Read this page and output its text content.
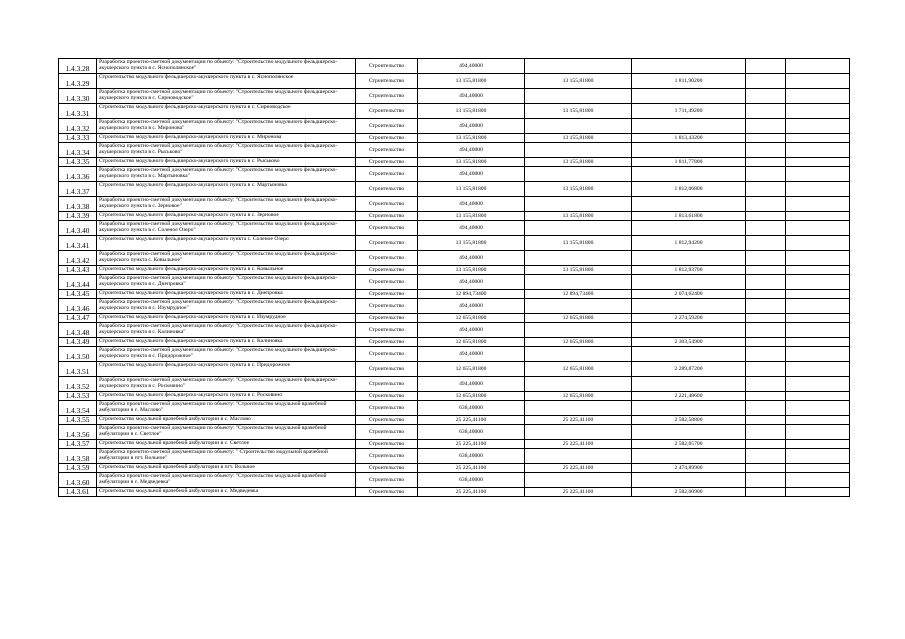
1.4.3.28	Разработка проектно-сметной документации по объекту: "Строительство модульного фельдшерско-акушерского пункта в с. Яснополянское"	Строительство	494,40000				
1.4.3.29	Строительство модульного фельдшерско-акушерского пункта в с. Яснополянское	Строительство	13 155,81800	13 155,81800	1 811,90200		
1.4.3.30	Разработка проектно-сметной документации по объекту: "Строительство модульного фельдшерско-акушерского пункта в с. Сирноводское"	Строительство	494,40000				
1.4.3.31	Строительство модульного фельдшерско-акушерского пункта в с. Сирноводское	Строительство	13 155,81800	13 155,81800	1 711,49200		
1.4.3.32	Разработка проектно-сметной документации по объекту: "Строительство модульного фельдшерско-акушерского пункта в с. Миронова"	Строительство	494,40000				
1.4.3.33	Строительство модульного фельдшерско-акушерского пункта в с. Миронова	Строительство	13 155,81800	13 155,81800	1 813,43200		
1.4.3.34	Разработка проектно-сметной документации по объекту: "Строительство модульного фельдшерско-акушерского пункта в с. Рыськово"	Строительство	494,40000				
1.4.3.35	Строительство модульного фельдшерско-акушерского пункта в с. Рыськово	Строительство	13 155,81800	13 155,81800	1 811,77800		
1.4.3.36	Разработка проектно-сметной документации по объекту: "Строительство модульного фельдшерско-акушерского пункта в с. Мартыновка"	Строительство	494,40000				
1.4.3.37	Строительство модульного фельдшерско-акушерского пункта в с. Мартыновка	Строительство	13 155,81800	13 155,81800	1 812,06800		
1.4.3.38	Разработка проектно-сметной документации по объекту: "Строительство модульного фельдшерско-акушерского пункта в с. Зерновое"	Строительство	494,40000				
1.4.3.39	Строительство модульного фельдшерско-акушерского пункта в с. Зерновое	Строительство	13 155,81800	13 155,81800	1 813,61800		
1.4.3.40	Разработка проектно-сметной документации по объекту: "Строительство модульного фельдшерско-акушерского пункта в с. Соленое Озеро"	Строительство	494,40000				
1.4.3.41	Строительство модульного фельдшерско-акушерского пункта с. Соленое Озеро	Строительство	13 155,81800	13 155,81800	1 812,94200		
1.4.3.42	Разработка проектно-сметной документации по объекту: "Строительство модульного фельдшерско-акушерского пункта с. Ковыльное"	Строительство	494,40000				
1.4.3.43	Строительство модульного фельдшерско-акушерского пункта в с. Ковыльное	Строительство	13 155,81800	13 155,81800	1 812,93700		
1.4.3.44	Разработка проектно-сметной документации по объекту: "Строительство модульного фельдшерско-акушерского пункта в с. Днепровка"	Строительство	494,40000				
1.4.3.45	Строительство модульного фельдшерско-акушерского пункта в с. Днепровка	Строительство	12 894,73400	12 894,73400	2 074,62400		
1.4.3.46	Разработка проектно-сметной документации по объекту: "Строительство модульного фельдшерско-акушерского пункта в с. Изумрудное"	Строительство	494,40000				
1.4.3.47	Строительство модульного фельдшерско-акушерского пункта в с. Изумрудное	Строительство	12 655,81800	12 655,81800	2 274,59200		
1.4.3.48	Разработка проектно-сметной документации по объекту: "Строительство модульного фельдшерско-акушерского пункта в с. Калиновка"	Строительство	494,40000				
1.4.3.49	Строительство модульного фельдшерско-акушерского пункта в с. Калиновка	Строительство	12 655,81800	12 655,81800	2 303,54900		
1.4.3.50	Разработка проектно-сметной документации по объекту: "Строительство модульного фельдшерско-акушерского пункта в с. Придорожное"	Строительство	494,40000				
1.4.3.51	Строительство модульного фельдшерско-акушерского пункта в с. Придорожное	Строительство	12 655,81800	12 655,81800	2 289,87200		
1.4.3.52	Разработка проектно-сметной документации по объекту: "Строительство модульного фельдшерско-акушерского пункта в с. Росковино"	Строительство	494,40000				
1.4.3.53	Строительство модульного фельдшерско-акушерского пункта в с. Росковино	Строительство	12 655,81800	12 655,81800	2 221,48600		
1.4.3.54	Разработка проектно-сметной документации по объекту: "Строительство модульной врачебной амбулатории в с. Маслово"	Строительство	638,40000				
1.4.3.55	Строительство модульной врачебной амбулатории в с. Маслово	Строительство	25 225,41100	25 225,41100	2 582,58800		
1.4.3.56	Разработка проектно-сметной документации по объекту: "Строительство модульной врачебной амбулатории в с. Светлое"	Строительство	638,40000				
1.4.3.57	Строительство модульной врачебной амбулатории в с. Светлое	Строительство	25 225,41100	25 225,41100	2 582,05700		
1.4.3.58	Разработка проектно-сметной документации по объекту: " Строительство модульной врачебной амбулатории в пгт. Вольное"	Строительство	638,40000				
1.4.3.59	Строительство модульной врачебной амбулатории в пгт. Вольное	Строительство	25 225,41100	25 225,41100	2 474,89900		
1.4.3.60	Разработка проектно-сметной документации по объекту: "Строительство модульной врачебной амбулатории в с. Медведевка"	Строительство	638,40000				
1.4.3.61	Строительство модульной врачебной амбулатории в с. Медведевка	Строительство	25 225,41100	25 225,41100	2 582,60900		
